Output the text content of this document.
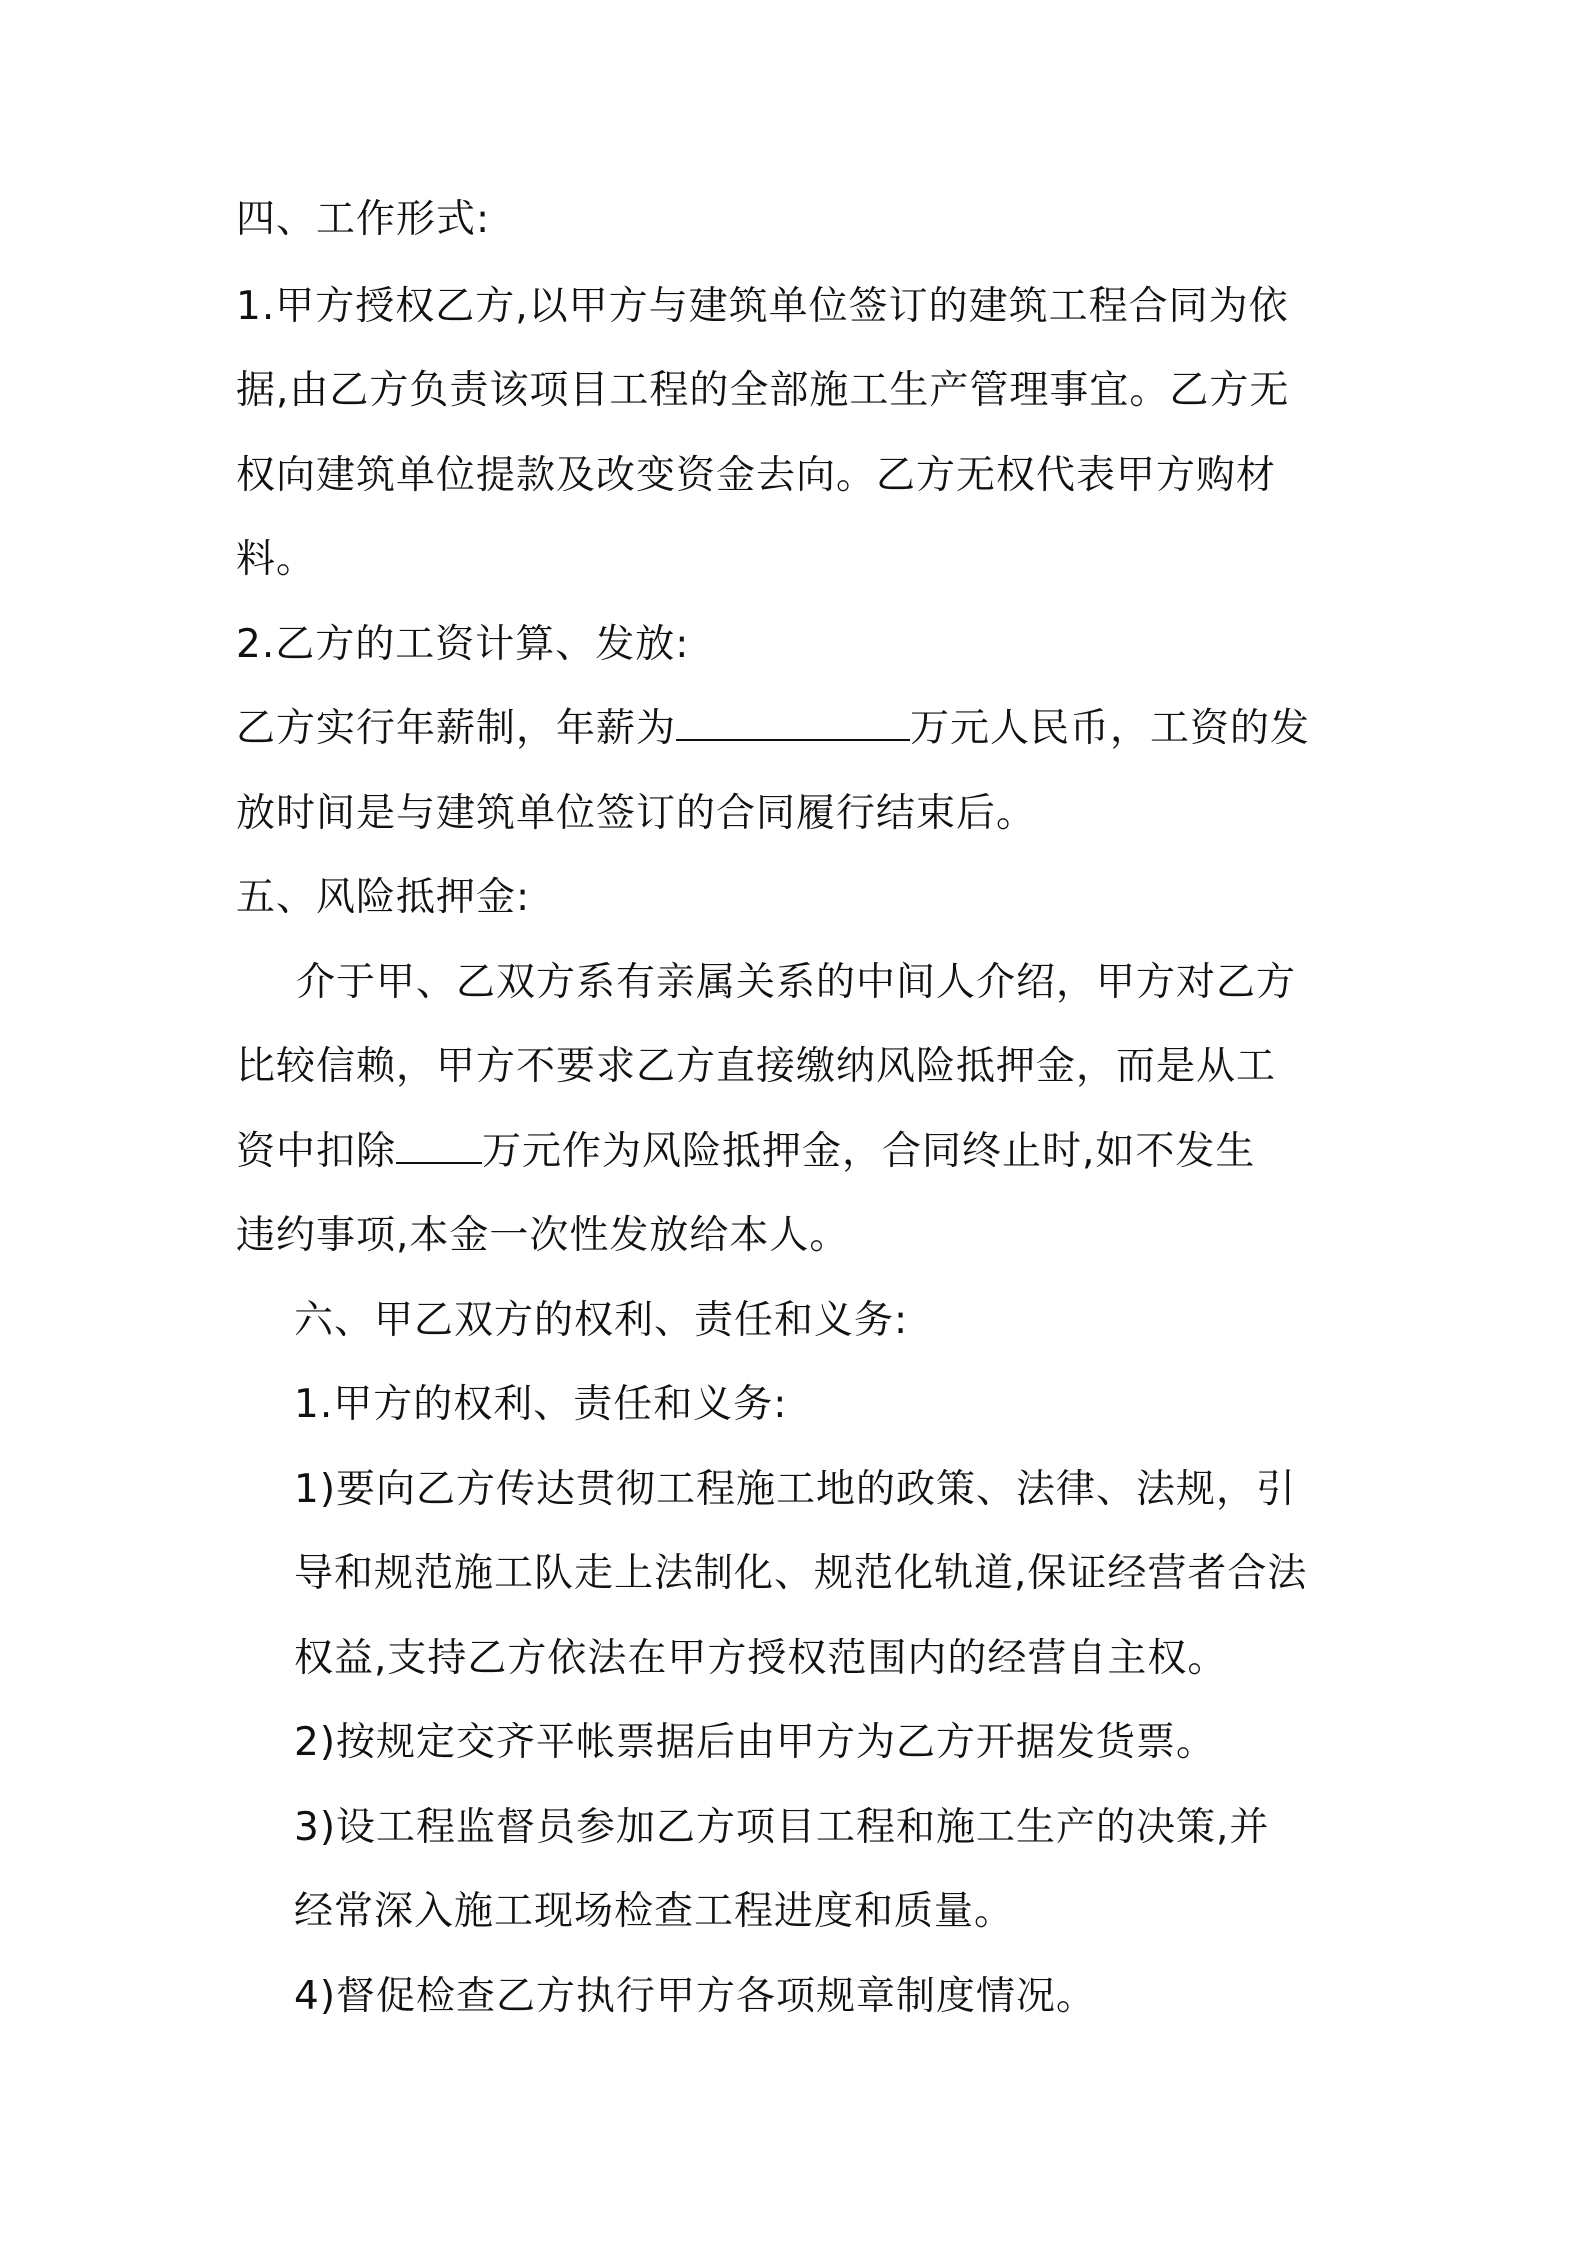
四、工作形式:
1.甲方授权乙方,以甲方与建筑单位签订的建筑工程合同为依
据,由乙方负责该项目工程的全部施工生产管理事宜。乙方无
权向建筑单位提款及改变资金去向。乙方无权代表甲方购材
料。
2.乙方的工资计算、发放:
乙方实行年薪制，年薪为	万元人民币，工资的发
放时间是与建筑单位签订的合同履行结束后。
五、风险抵押金:
介于甲、乙双方系有亲属关系的中间人介绍，甲方对乙方
比较信赖，甲方不要求乙方直接缴纳风险抵押金，而是从工
资中扣除 万元作为风险抵押金，合同终止时,如不发生
违约事项,本金一次性发放给本人。
六、甲乙双方的权利、责任和义务:
1.甲方的权利、责任和义务:
1)要向乙方传达贯彻工程施工地的政策、法律、法规，引
导和规范施工队走上法制化、规范化轨道,保证经营者合法
权益,支持乙方依法在甲方授权范围内的经营自主权。
2)按规定交齐平帐票据后由甲方为乙方开据发货票。
3)设工程监督员参加乙方项目工程和施工生产的决策,并
经常深入施工现场检查工程进度和质量。
4)督促检查乙方执行甲方各项规章制度情况。
